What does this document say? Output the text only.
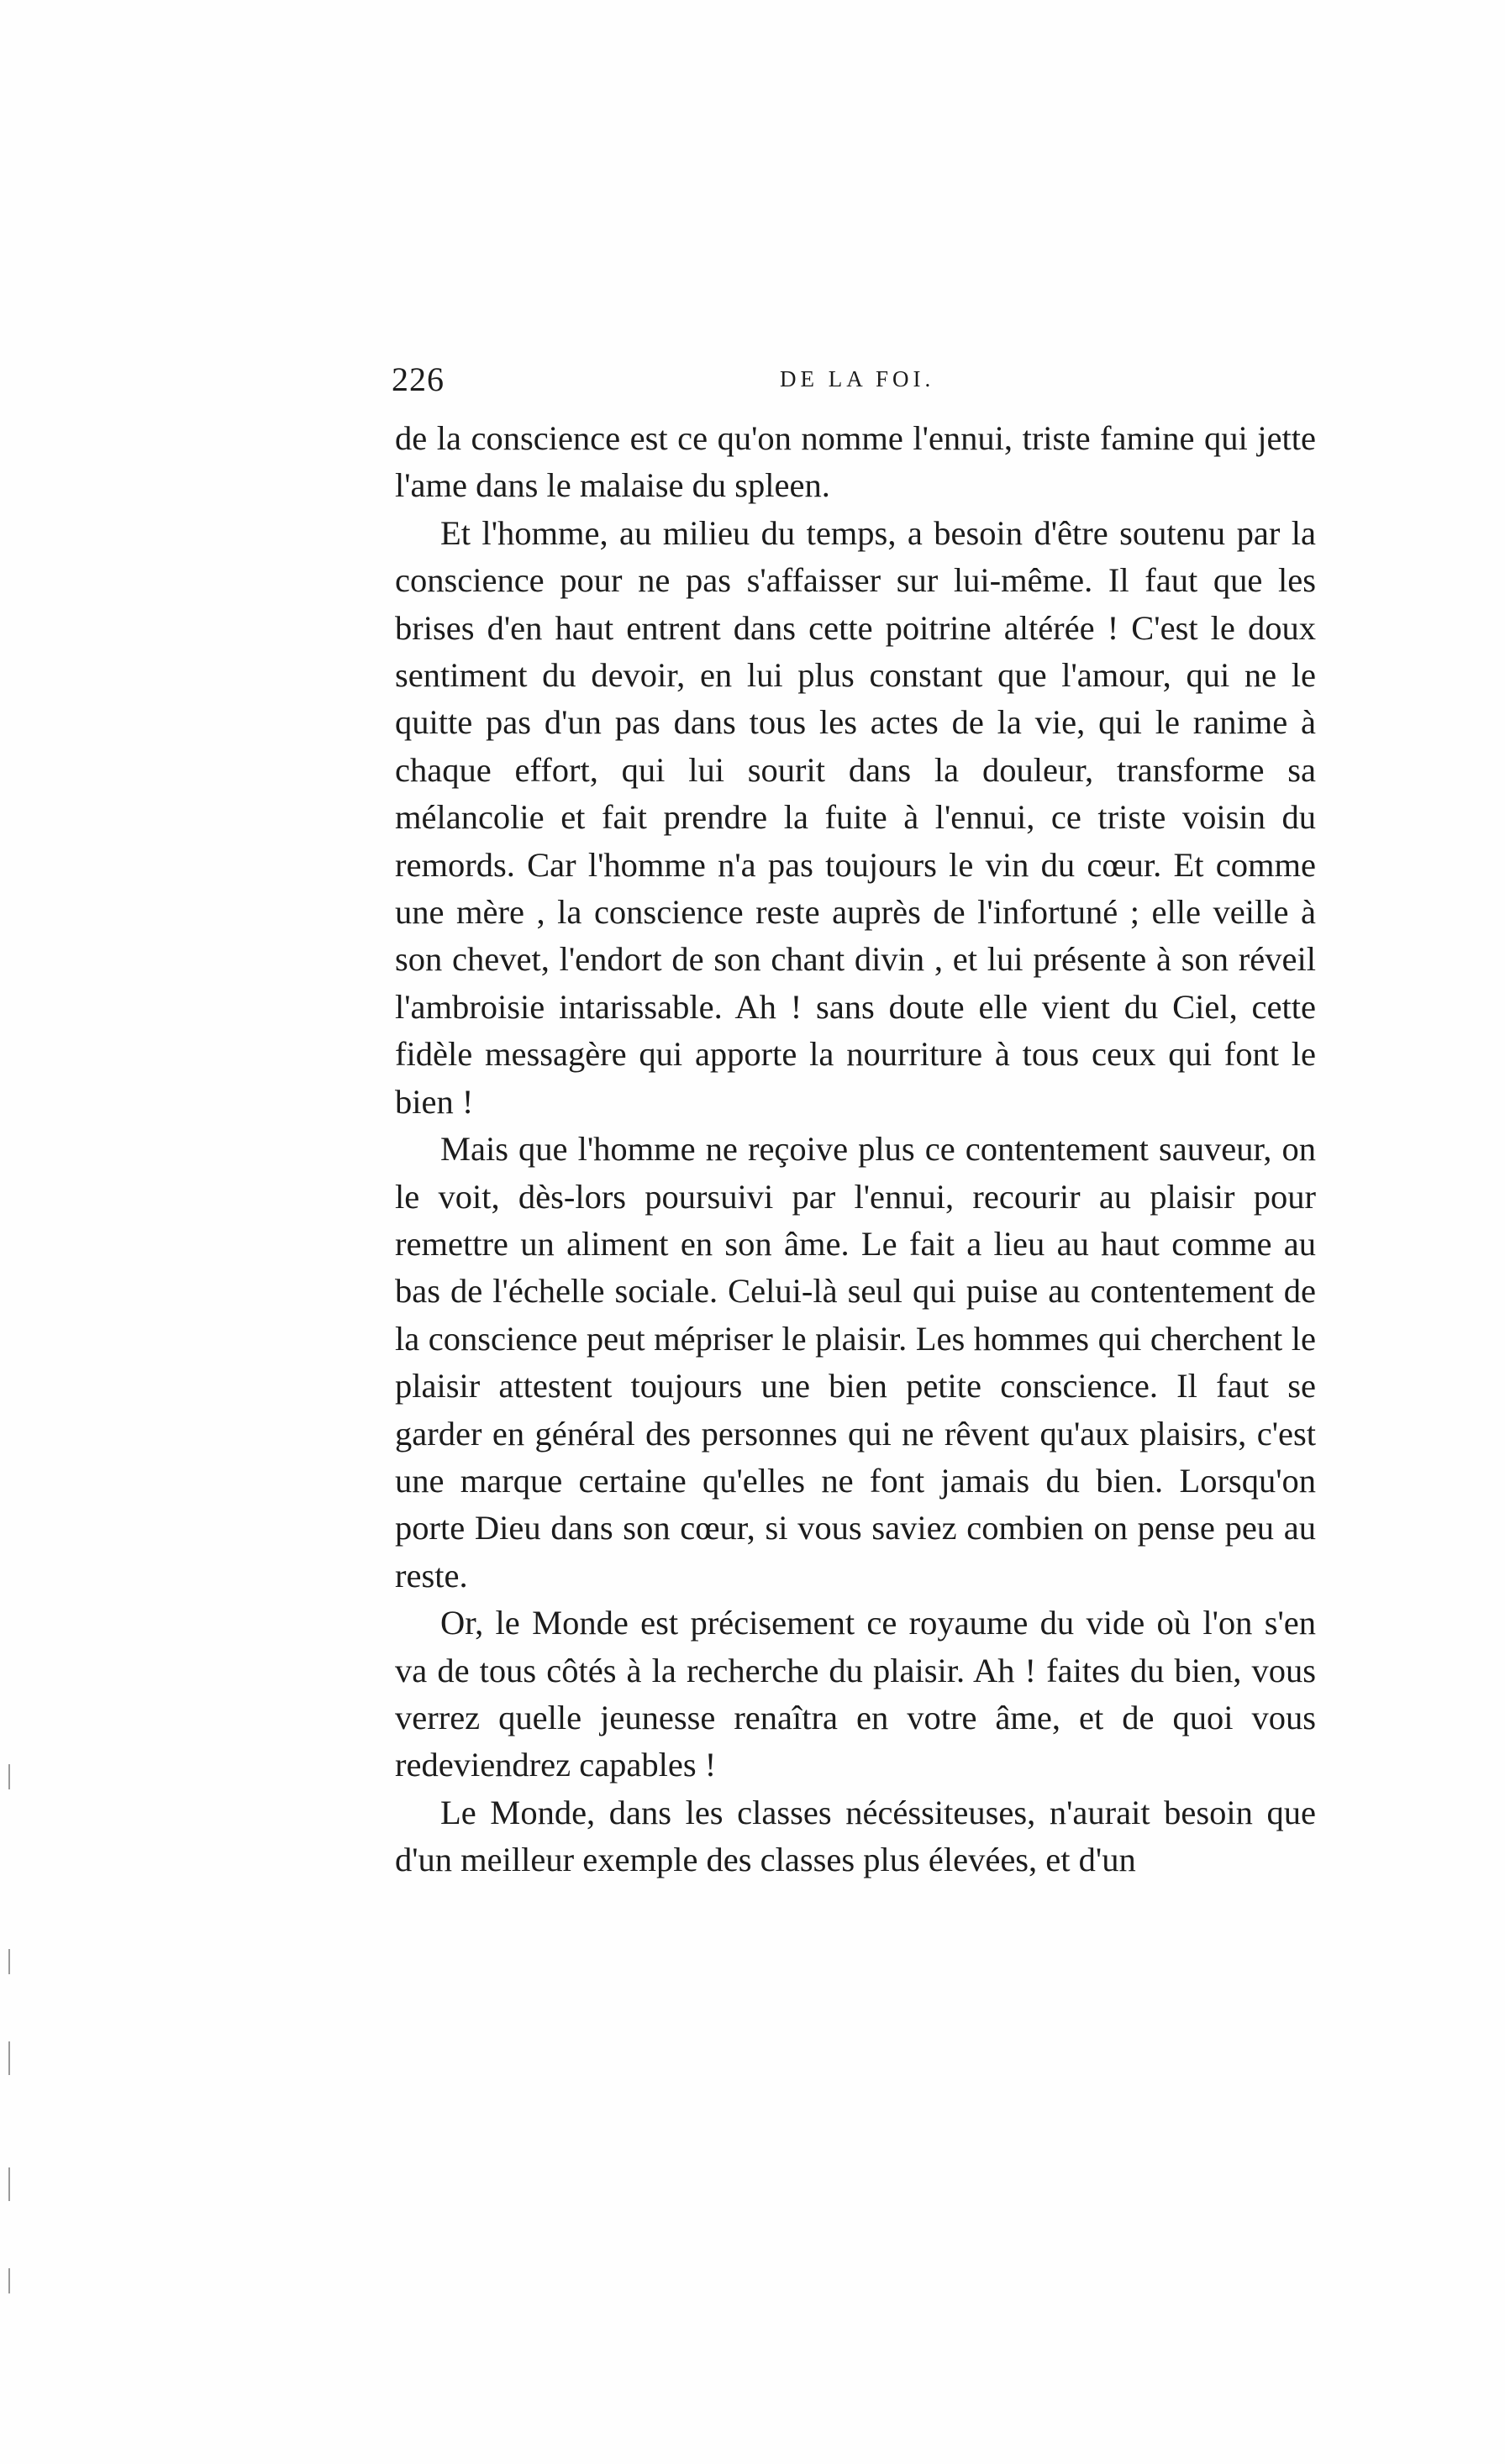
226	DE LA FOI.

de la conscience est ce qu'on nomme l'ennui, triste famine qui jette l'ame dans le malaise du spleen.

Et l'homme, au milieu du temps, a besoin d'être soutenu par la conscience pour ne pas s'affaisser sur lui-même. Il faut que les brises d'en haut entrent dans cette poitrine altérée ! C'est le doux sentiment du devoir, en lui plus constant que l'amour, qui ne le quitte pas d'un pas dans tous les actes de la vie, qui le ranime à chaque effort, qui lui sourit dans la douleur, transforme sa mélancolie et fait prendre la fuite à l'ennui, ce triste voisin du remords. Car l'homme n'a pas toujours le vin du cœur. Et comme une mère , la conscience reste auprès de l'infortuné ; elle veille à son chevet, l'endort de son chant divin , et lui présente à son réveil l'ambroisie intarissable. Ah ! sans doute elle vient du Ciel, cette fidèle messagère qui apporte la nourriture à tous ceux qui font le bien !

Mais que l'homme ne reçoive plus ce contentement sauveur, on le voit, dès-lors poursuivi par l'ennui, recourir au plaisir pour remettre un aliment en son âme. Le fait a lieu au haut comme au bas de l'échelle sociale. Celui-là seul qui puise au contentement de la conscience peut mépriser le plaisir. Les hommes qui cherchent le plaisir attestent toujours une bien petite conscience. Il faut se garder en général des personnes qui ne rêvent qu'aux plaisirs, c'est une marque certaine qu'elles ne font jamais du bien. Lorsqu'on porte Dieu dans son cœur, si vous saviez combien on pense peu au reste.

Or, le Monde est précisement ce royaume du vide où l'on s'en va de tous côtés à la recherche du plaisir. Ah ! faites du bien, vous verrez quelle jeunesse renaîtra en votre âme, et de quoi vous redeviendrez capables !

Le Monde, dans les classes nécéssiteuses, n'aurait besoin que d'un meilleur exemple des classes plus élevées, et d'un
